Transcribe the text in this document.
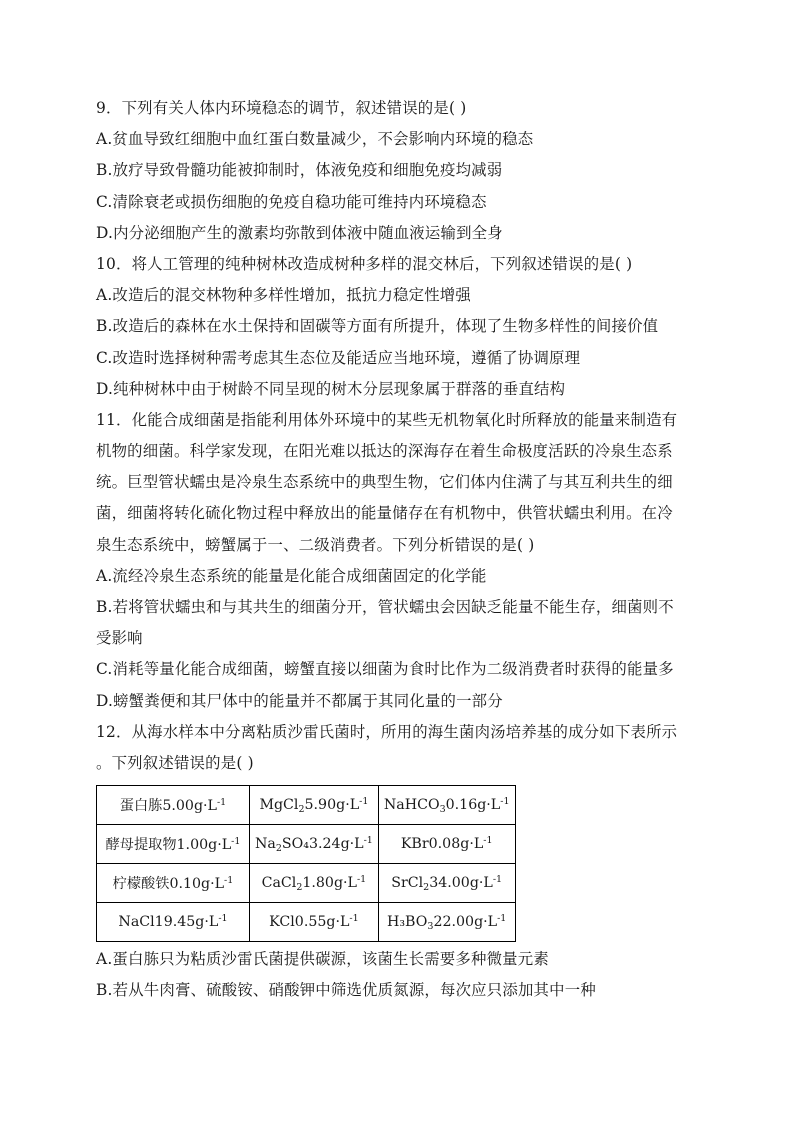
9．下列有关人体内环境稳态的调节，叙述错误的是( )
A.贫血导致红细胞中血红蛋白数量减少，不会影响内环境的稳态
B.放疗导致骨髓功能被抑制时，体液免疫和细胞免疫均减弱
C.清除衰老或损伤细胞的免疫自稳功能可维持内环境稳态
D.内分泌细胞产生的激素均弥散到体液中随血液运输到全身
10．将人工管理的纯种树林改造成树种多样的混交林后，下列叙述错误的是( )
A.改造后的混交林物种多样性增加，抵抗力稳定性增强
B.改造后的森林在水土保持和固碳等方面有所提升，体现了生物多样性的间接价值
C.改造时选择树种需考虑其生态位及能适应当地环境，遵循了协调原理
D.纯种树林中由于树龄不同呈现的树木分层现象属于群落的垂直结构
11．化能合成细菌是指能利用体外环境中的某些无机物氧化时所释放的能量来制造有
机物的细菌。科学家发现，在阳光难以抵达的深海存在着生命极度活跃的冷泉生态系
统。巨型管状蠕虫是冷泉生态系统中的典型生物，它们体内住满了与其互利共生的细
菌，细菌将转化硫化物过程中释放出的能量储存在有机物中，供管状蠕虫利用。在冷
泉生态系统中，螃蟹属于一、二级消费者。下列分析错误的是( )
A.流经冷泉生态系统的能量是化能合成细菌固定的化学能
B.若将管状蠕虫和与其共生的细菌分开，管状蠕虫会因缺乏能量不能生存，细菌则不
受影响
C.消耗等量化能合成细菌，螃蟹直接以细菌为食时比作为二级消费者时获得的能量多
D.螃蟹粪便和其尸体中的能量并不都属于其同化量的一部分
12．从海水样本中分离粘质沙雷氏菌时，所用的海生菌肉汤培养基的成分如下表所示
。下列叙述错误的是( )
蛋白胨$5.00g\cdot L^{-1}$	$MgCl_25.90g\cdot L^{-1}$	$NaHCO_30.16g\cdot L^{-1}$
酵母提取物$1.00g\cdot L^{-1}$	$Na_2SO_43.24g\cdot L^{-1}$	$KBr0.08g\cdot L^{-1}$
柠檬酸铁$0.10g\cdot L^{-1}$	$CaCl_21.80g\cdot L^{-1}$	$SrCl_234.00g\cdot L^{-1}$
$NaCl19.45g\cdot L^{-1}$	$KCl0.55g\cdot L^{-1}$	$H_3BO_322.00g\cdot L^{-1}$
A.蛋白胨只为粘质沙雷氏菌提供碳源，该菌生长需要多种微量元素
B.若从牛肉膏、硫酸铵、硝酸钾中筛选优质氮源，每次应只添加其中一种
